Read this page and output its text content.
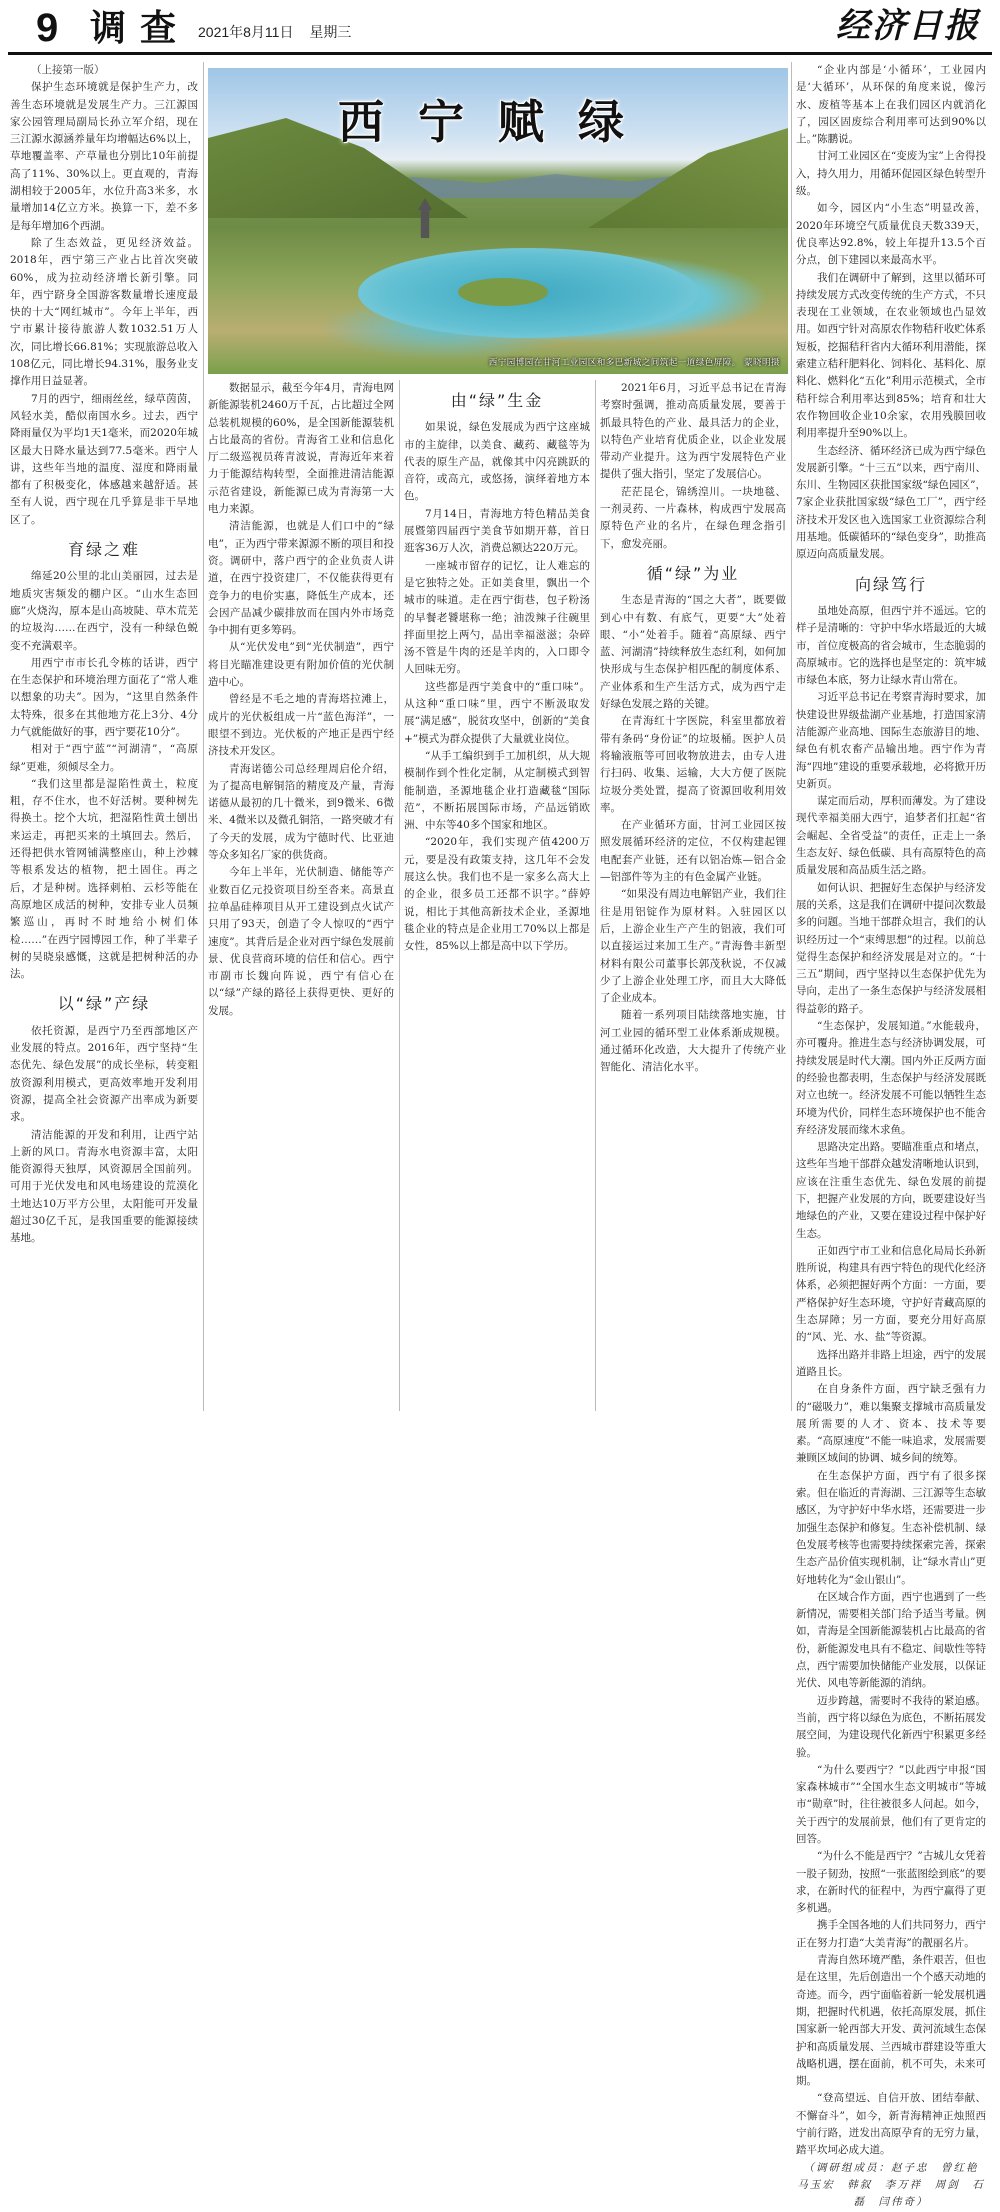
9 调查 2021年8月11日 星期三	经济日报
西宁赋绿
西宁园博园在甘河工业园区和多巴新城之间筑起一道绿色屏障。 蒙晓明摄

（上接第一版）

保护生态环境就是保护生产力，改善生态环境就是发展生产力。三江源国家公园管理局副局长孙立军介绍，现在三江源水源涵养量年均增幅达6%以上，草地覆盖率、产草量也分别比10年前提高了11%、30%以上。更直观的，青海湖相较于2005年，水位升高3米多，水量增加14亿立方米。换算一下，差不多是每年增加6个西湖。

除了生态效益，更见经济效益。2018年，西宁第三产业占比首次突破60%，成为拉动经济增长新引擎。同年，西宁跻身全国游客数量增长速度最快的十大“网红城市”。今年上半年，西宁市累计接待旅游人数1032.51万人次，同比增长66.81%；实现旅游总收入108亿元，同比增长94.31%，服务业支撑作用日益显著。

7月的西宁，细雨丝丝，绿草茵茵，风轻水美，酷似南国水乡。过去，西宁降雨量仅为平均1天1毫米，而2020年城区最大日降水量达到77.5毫米。西宁人讲，这些年当地的温度、湿度和降雨量都有了积极变化，体感越来越舒适。甚至有人说，西宁现在几乎算是非干旱地区了。

育绿之难

绵延20公里的北山美丽园，过去是地质灾害频发的棚户区。“山水生态回廊”火烧沟，原本是山高坡陡、草木荒芜的垃圾沟……在西宁，没有一种绿色蜕变不充满艰辛。

用西宁市市长孔令栋的话讲，西宁在生态保护和环境治理方面花了“常人难以想象的功夫”。因为，“这里自然条件太特殊，很多在其他地方花上3分、4分力气就能做好的事，西宁要花10分”。

相对于“西宁蓝”“河湖清”，“高原绿”更难，须倾尽全力。

“我们这里都是湿陷性黄土，粒度粗，存不住水，也不好活树。要种树先得换土。挖个大坑，把湿陷性黄土刨出来运走，再把买来的土填回去。然后，还得把供水管网铺满整座山，种上沙棘等根系发达的植物，把土固住。再之后，才是种树。选择刺柏、云杉等能在高原地区成活的树种，安排专业人员频繁巡山，再时不时地给小树们体检……”在西宁园博园工作，种了半辈子树的吴晓泉感慨，这就是把树种活的办法。

以“绿”产绿

依托资源，是西宁乃至西部地区产业发展的特点。2016年，西宁坚持“生态优先、绿色发展”的成长坐标，转变粗放资源利用模式，更高效率地开发利用资源，提高全社会资源产出率成为新要求。

清洁能源的开发和利用，让西宁站上新的风口。青海水电资源丰富，太阳能资源得天独厚，风资源居全国前列。可用于光伏发电和风电场建设的荒漠化土地达10万平方公里，太阳能可开发量超过30亿千瓦，是我国重要的能源接续基地。

数据显示，截至今年4月，青海电网新能源装机2460万千瓦，占比超过全网总装机规模的60%，是全国新能源装机占比最高的省份。青海省工业和信息化厅二级巡视员蒋青波说，青海近年来着力于能源结构转型，全面推进清洁能源示范省建设，新能源已成为青海第一大电力来源。

清洁能源，也就是人们口中的“绿电”，正为西宁带来源源不断的项目和投资。调研中，落户西宁的企业负责人讲道，在西宁投资建厂，不仅能获得更有竞争力的电价实惠，降低生产成本，还会因产品减少碳排放而在国内外市场竞争中拥有更多筹码。

从“光伏发电”到“光伏制造”，西宁将目光瞄准建设更有附加价值的光伏制造中心。

曾经是不毛之地的青海塔拉滩上，成片的光伏板组成一片“蓝色海洋”，一眼望不到边。光伏板的产地正是西宁经济技术开发区。

青海诺德公司总经理周启伦介绍，为了提高电解铜箔的精度及产量，青海诺德从最初的几十微米，到9微米、6微米、4微米以及微孔铜箔，一路突破才有了今天的发展，成为宁德时代、比亚迪等众多知名厂家的供货商。

今年上半年，光伏制造、储能等产业数百亿元投资项目纷至沓来。高景直拉单晶硅棒项目从开工建设到点火试产只用了93天，创造了令人惊叹的“西宁速度”。其背后是企业对西宁绿色发展前景、优良营商环境的信任和信心。西宁市副市长魏向阵说，西宁有信心在以“绿”产绿的路径上获得更快、更好的发展。

由“绿”生金

如果说，绿色发展成为西宁这座城市的主旋律，以美食、藏药、藏毯等为代表的原生产品，就像其中闪亮跳跃的音符，或高亢，或悠扬，演绎着地方本色。

7月14日，青海地方特色精品美食展暨第四届西宁美食节如期开幕，首日逛客36万人次，消费总额达220万元。

一座城市留存的记忆，让人难忘的是它独特之处。正如美食里，飘出一个城市的味道。走在西宁街巷，包子粉汤的早餐老饕堪称一绝；油泼辣子往碗里拌面里挖上两勺，品出幸福滋滋；杂碎汤不管是牛肉的还是羊肉的，入口即令人回味无穷。

这些都是西宁美食中的“重口味”。从这种“重口味”里，西宁不断汲取发展“满足感”，脱贫攻坚中，创新的“美食+”模式为群众提供了大量就业岗位。

“从手工编织到手工加机织，从大规模制作到个性化定制，从定制模式到智能制造，圣源地毯企业打造藏毯“国际范”，不断拓展国际市场，产品远销欧洲、中东等40多个国家和地区。

“2020年，我们实现产值4200万元，要是没有政策支持，这几年不会发展这么快。我们也不是一家多么高大上的企业，很多员工还都不识字。”薛婷说，相比于其他高新技术企业，圣源地毯企业的特点是企业用工70%以上都是女性，85%以上都是高中以下学历。

2021年6月，习近平总书记在青海考察时强调，推动高质量发展，要善于抓最具特色的产业、最具活力的企业，以特色产业培育优质企业，以企业发展带动产业提升。这为西宁发展特色产业提供了强大指引，坚定了发展信心。

茫茫昆仑，锦绣湟川。一块地毯、一剂灵药、一片森林，构成西宁发展高原特色产业的名片，在绿色理念指引下，愈发亮丽。

循“绿”为业

生态是青海的“国之大者”，既要做到心中有数、有底气，更要“大”处着眼、“小”处着手。随着“高原绿、西宁蓝、河湖清”持续释放生态红利，如何加快形成与生态保护相匹配的制度体系、产业体系和生产生活方式，成为西宁走好绿色发展之路的关键。

在青海红十字医院，科室里都放着带有条码“身份证”的垃圾桶。医护人员将输液瓶等可回收物放进去，由专人进行扫码、收集、运输，大大方便了医院垃圾分类处置，提高了资源回收利用效率。

在产业循环方面，甘河工业园区按照发展循环经济的定位，不仅构建起锂电配套产业链，还有以铝冶炼—铝合金—铝部件等为主的有色金属产业链。

“如果没有周边电解铝产业，我们往往是用铝锭作为原材料。入驻园区以后，上游企业生产产生的铝液，我们可以直接运过来加工生产。”青海鲁丰新型材料有限公司董事长郭茂秋说，不仅减少了上游企业处理工序，而且大大降低了企业成本。

随着一系列项目陆续落地实施，甘河工业园的循环型工业体系渐成规模。通过循环化改造，大大提升了传统产业智能化、清洁化水平。

“企业内部是‘小循环’，工业园内是‘大循环’，从环保的角度来说，像污水、废植等基本上在我们园区内就消化了，园区固废综合利用率可达到90%以上。”陈鹏说。

甘河工业园区在“变废为宝”上舍得投入，持久用力，用循环促园区绿色转型升级。

如今，园区内“小生态”明显改善，2020年环境空气质量优良天数339天，优良率达92.8%，较上年提升13.5个百分点，创下建园以来最高水平。

我们在调研中了解到，这里以循环可持续发展方式改变传统的生产方式，不只表现在工业领域，在农业领域也凸显效用。如西宁针对高原农作物秸秆收贮体系短板，挖掘秸秆省内大循环利用潜能，探索建立秸秆肥料化、饲料化、基料化、原料化、燃料化“五化”利用示范模式，全市秸秆综合利用率达到85%；培育和壮大农作物回收企业10余家，农用残膜回收利用率提升至90%以上。

生态经济、循环经济已成为西宁绿色发展新引擎。“十三五”以来，西宁南川、东川、生物园区获批国家级“绿色园区”，7家企业获批国家级“绿色工厂”，西宁经济技术开发区也入选国家工业资源综合利用基地。低碳循环的“绿色变身”，助推高原迈向高质量发展。

向绿笃行

虽地处高原，但西宁并不遥远。它的样子是清晰的：守护中华水塔最近的大城市，首位度极高的省会城市，生态脆弱的高原城市。它的选择也是坚定的：筑牢城市绿色本底，努力让绿水青山常在。

习近平总书记在考察青海时要求，加快建设世界级盐湖产业基地，打造国家清洁能源产业高地、国际生态旅游目的地、绿色有机农畜产品输出地。西宁作为青海“四地”建设的重要承载地，必将掀开历史新页。

谋定而后动，厚积而薄发。为了建设现代幸福美丽大西宁，追梦者们扛起“省会崛起、全省受益”的责任，正走上一条生态友好、绿色低碳、具有高原特色的高质量发展和高品质生活之路。

如何认识、把握好生态保护与经济发展的关系，这是我们在调研中提问次数最多的问题。当地干部群众坦言，我们的认识经历过一个“束缚思想”的过程。以前总觉得生态保护和经济发展是对立的。“十三五”期间，西宁坚持以生态保护优先为导向，走出了一条生态保护与经济发展相得益彰的路子。

“生态保护，发展知道。”水能载舟，亦可覆舟。推进生态与经济协调发展，可持续发展是时代大潮。国内外正反两方面的经验也都表明，生态保护与经济发展既对立也统一。经济发展不可能以牺牲生态环境为代价，同样生态环境保护也不能舍弃经济发展而缘木求鱼。

思路决定出路。要瞄准重点和堵点，这些年当地干部群众越发清晰地认识到，应该在注重生态优先、绿色发展的前提下，把握产业发展的方向，既要建设好当地绿色的产业，又要在建设过程中保护好生态。

正如西宁市工业和信息化局局长孙新胜所说，构建具有西宁特色的现代化经济体系，必须把握好两个方面：一方面，要严格保护好生态环境，守护好青藏高原的生态屏障；另一方面，要充分用好高原的“风、光、水、盐”等资源。

选择出路并非路上坦途，西宁的发展道路且长。

在自身条件方面，西宁缺乏强有力的“磁吸力”，难以集聚支撑城市高质量发展所需要的人才、资本、技术等要素。“高原速度”不能一味追求，发展需要兼顾区域间的协调、城乡间的统筹。

在生态保护方面，西宁有了很多探索。但在临近的青海湖、三江源等生态敏感区，为守护好中华水塔，还需要进一步加强生态保护和修复。生态补偿机制、绿色发展考核等也需要持续探索完善，探索生态产品价值实现机制，让“绿水青山”更好地转化为“金山银山”。

在区域合作方面，西宁也遇到了一些新情况，需要相关部门给予适当考量。例如，青海是全国新能源装机占比最高的省份，新能源发电具有不稳定、间歇性等特点，西宁需要加快储能产业发展，以保证光伏、风电等新能源的消纳。

迈步跨越，需要时不我待的紧迫感。当前，西宁将以绿色为底色，不断拓展发展空间，为建设现代化新西宁积累更多经验。

“为什么要西宁？”以此西宁申报“国家森林城市”“全国水生态文明城市”等城市“勋章”时，往往被很多人问起。如今，关于西宁的发展前景，他们有了更肯定的回答。

“为什么不能是西宁？”古城儿女凭着一股子韧劲，按照“一张蓝图绘到底”的要求，在新时代的征程中，为西宁赢得了更多机遇。

携手全国各地的人们共同努力，西宁正在努力打造“大美青海”的靓丽名片。

青海自然环境严酷，条件艰苦，但也是在这里，先后创造出一个个感天动地的奇迹。而今，西宁面临着新一轮发展机遇期，把握时代机遇，依托高原发展，抓住国家新一轮西部大开发、黄河流域生态保护和高质量发展、兰西城市群建设等重大战略机遇，摆在面前，机不可失，未来可期。

“登高望远、自信开放、团结奉献、不懈奋斗”，如今，新青海精神正烛照西宁前行路，迸发出高原孕育的无穷力量，踏平坎坷必成大道。

（调研组成员：赵子忠　曾红艳　马玉宏　韩叙　李万祥　周剑　石磊　闫伟奇）
